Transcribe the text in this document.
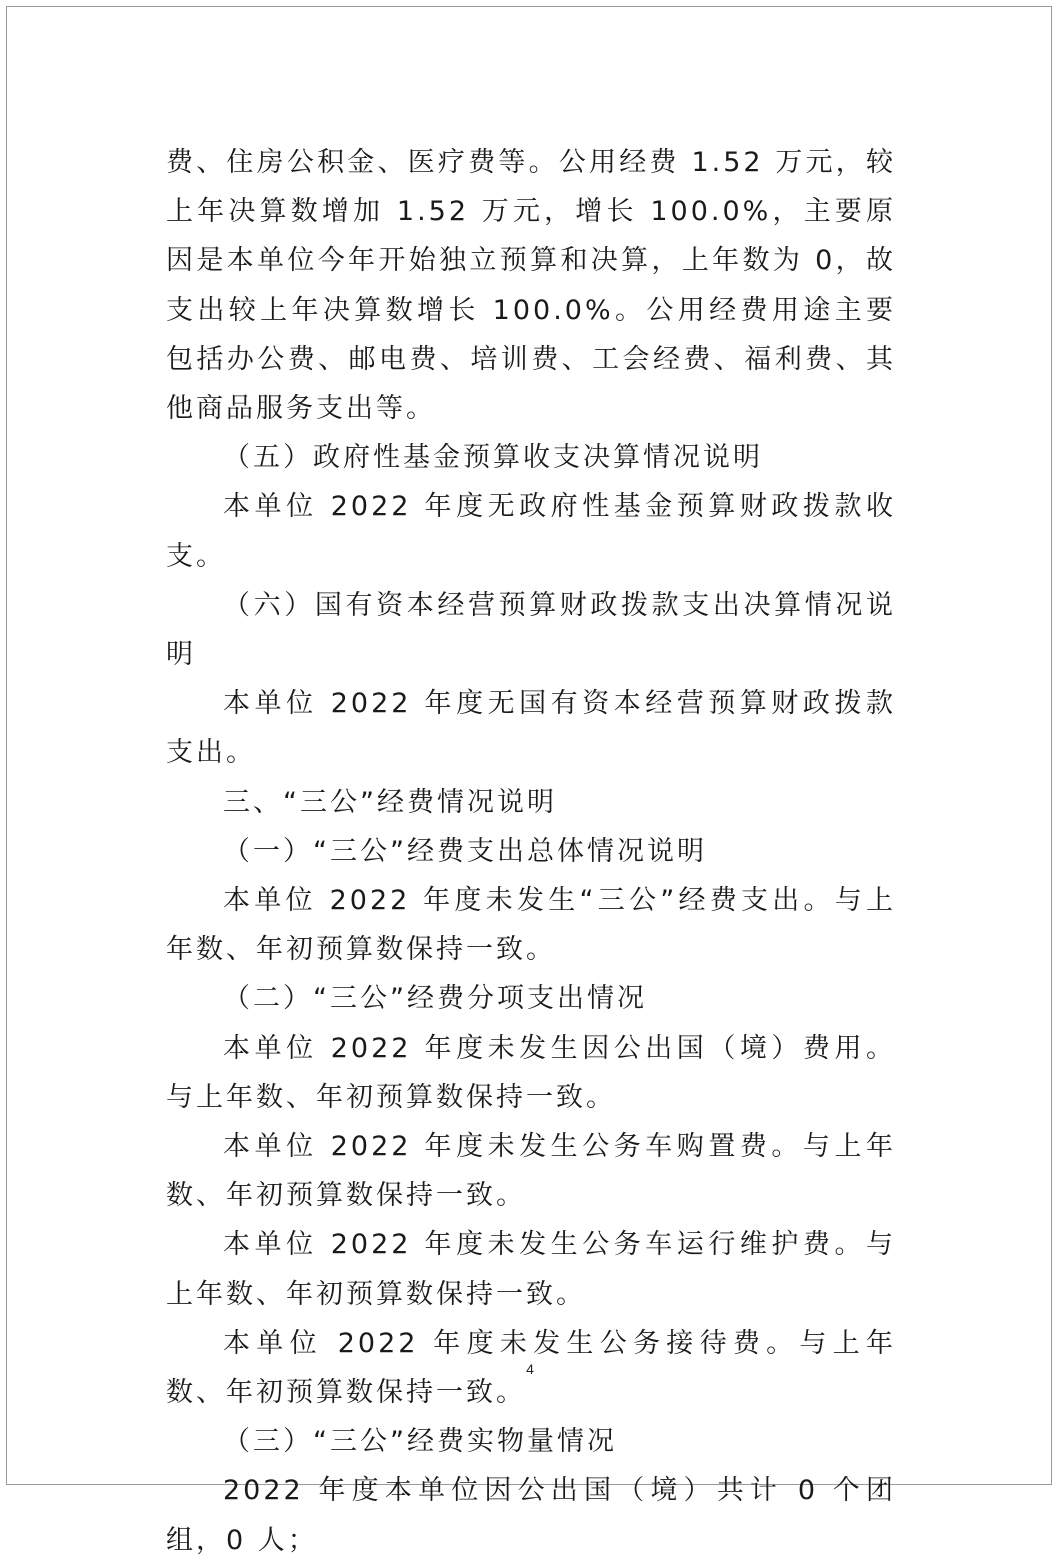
费、住房公积金、医疗费等。公用经费 1.52 万元，较上年决算数增加 1.52 万元，增长 100.0%，主要原因是本单位今年开始独立预算和决算，上年数为 0，故支出较上年决算数增长 100.0%。公用经费用途主要包括办公费、邮电费、培训费、工会经费、福利费、其他商品服务支出等。

（五）政府性基金预算收支决算情况说明

本单位 2022 年度无政府性基金预算财政拨款收支。

（六）国有资本经营预算财政拨款支出决算情况说明

本单位 2022 年度无国有资本经营预算财政拨款支出。

三、“三公”经费情况说明

（一）“三公”经费支出总体情况说明

本单位 2022 年度未发生“三公”经费支出。与上年数、年初预算数保持一致。

（二）“三公”经费分项支出情况

本单位 2022 年度未发生因公出国（境）费用。与上年数、年初预算数保持一致。

本单位 2022 年度未发生公务车购置费。与上年数、年初预算数保持一致。

本单位 2022 年度未发生公务车运行维护费。与上年数、年初预算数保持一致。

本单位 2022 年度未发生公务接待费。与上年数、年初预算数保持一致。

（三）“三公”经费实物量情况

2022 年度本单位因公出国（境）共计 0 个团组，0 人；

4
